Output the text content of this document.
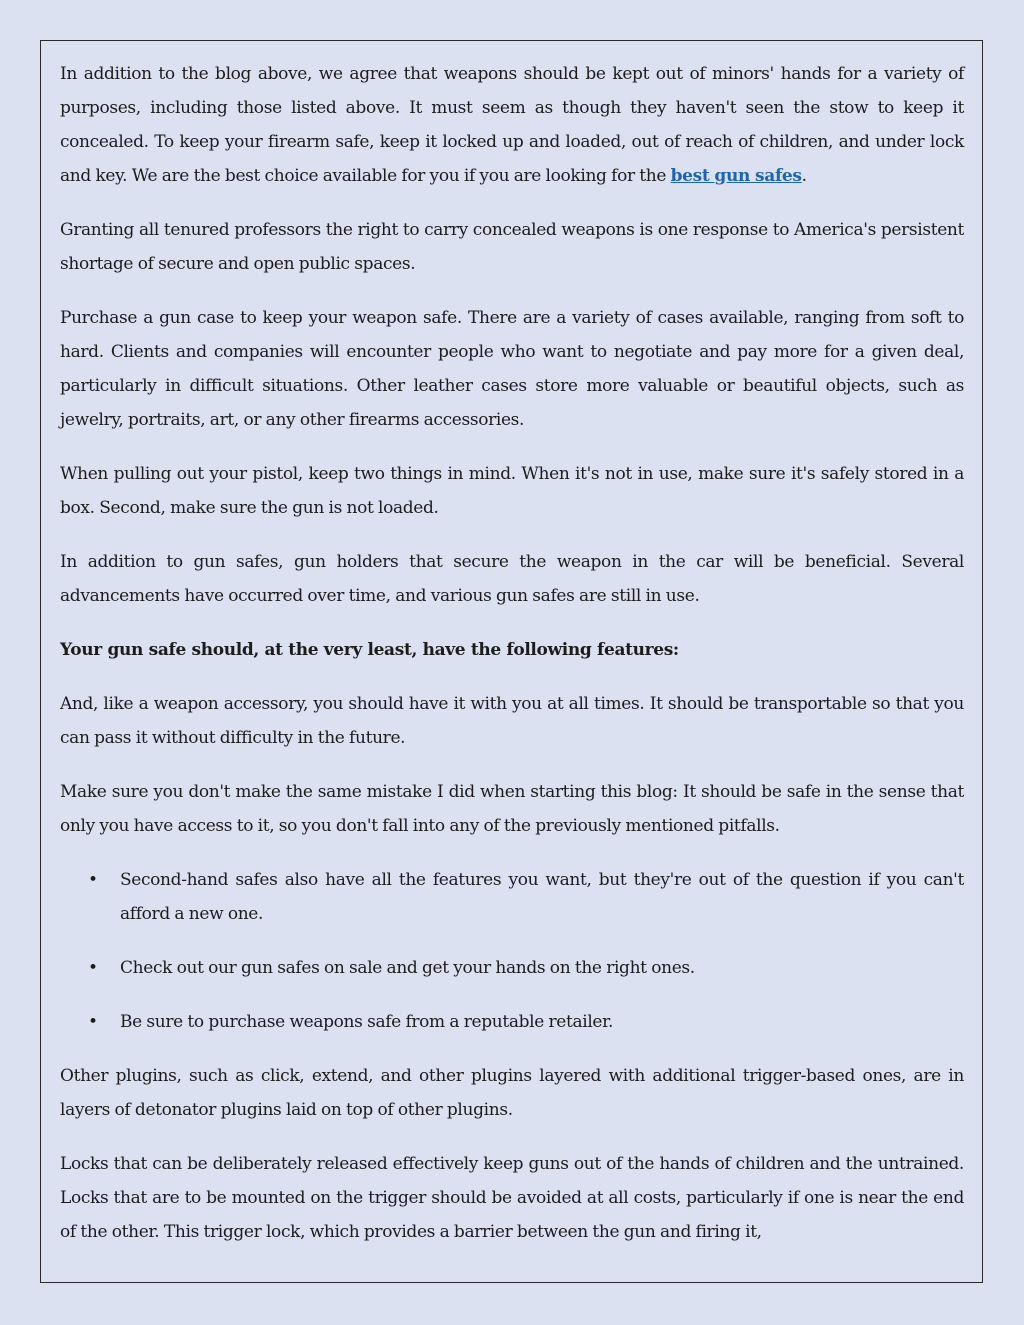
In addition to the blog above, we agree that weapons should be kept out of minors' hands for a variety of purposes, including those listed above. It must seem as though they haven't seen the stow to keep it concealed. To keep your firearm safe, keep it locked up and loaded, out of reach of children, and under lock and key. We are the best choice available for you if you are looking for the best gun safes.

Granting all tenured professors the right to carry concealed weapons is one response to America's persistent shortage of secure and open public spaces.

Purchase a gun case to keep your weapon safe. There are a variety of cases available, ranging from soft to hard. Clients and companies will encounter people who want to negotiate and pay more for a given deal, particularly in difficult situations. Other leather cases store more valuable or beautiful objects, such as jewelry, portraits, art, or any other firearms accessories.

When pulling out your pistol, keep two things in mind. When it's not in use, make sure it's safely stored in a box. Second, make sure the gun is not loaded.

In addition to gun safes, gun holders that secure the weapon in the car will be beneficial. Several advancements have occurred over time, and various gun safes are still in use.

Your gun safe should, at the very least, have the following features:

And, like a weapon accessory, you should have it with you at all times. It should be transportable so that you can pass it without difficulty in the future.

Make sure you don't make the same mistake I did when starting this blog: It should be safe in the sense that only you have access to it, so you don't fall into any of the previously mentioned pitfalls.

• Second-hand safes also have all the features you want, but they're out of the question if you can't afford a new one.
• Check out our gun safes on sale and get your hands on the right ones.
• Be sure to purchase weapons safe from a reputable retailer.

Other plugins, such as click, extend, and other plugins layered with additional trigger-based ones, are in layers of detonator plugins laid on top of other plugins.

Locks that can be deliberately released effectively keep guns out of the hands of children and the untrained. Locks that are to be mounted on the trigger should be avoided at all costs, particularly if one is near the end of the other. This trigger lock, which provides a barrier between the gun and firing it,
